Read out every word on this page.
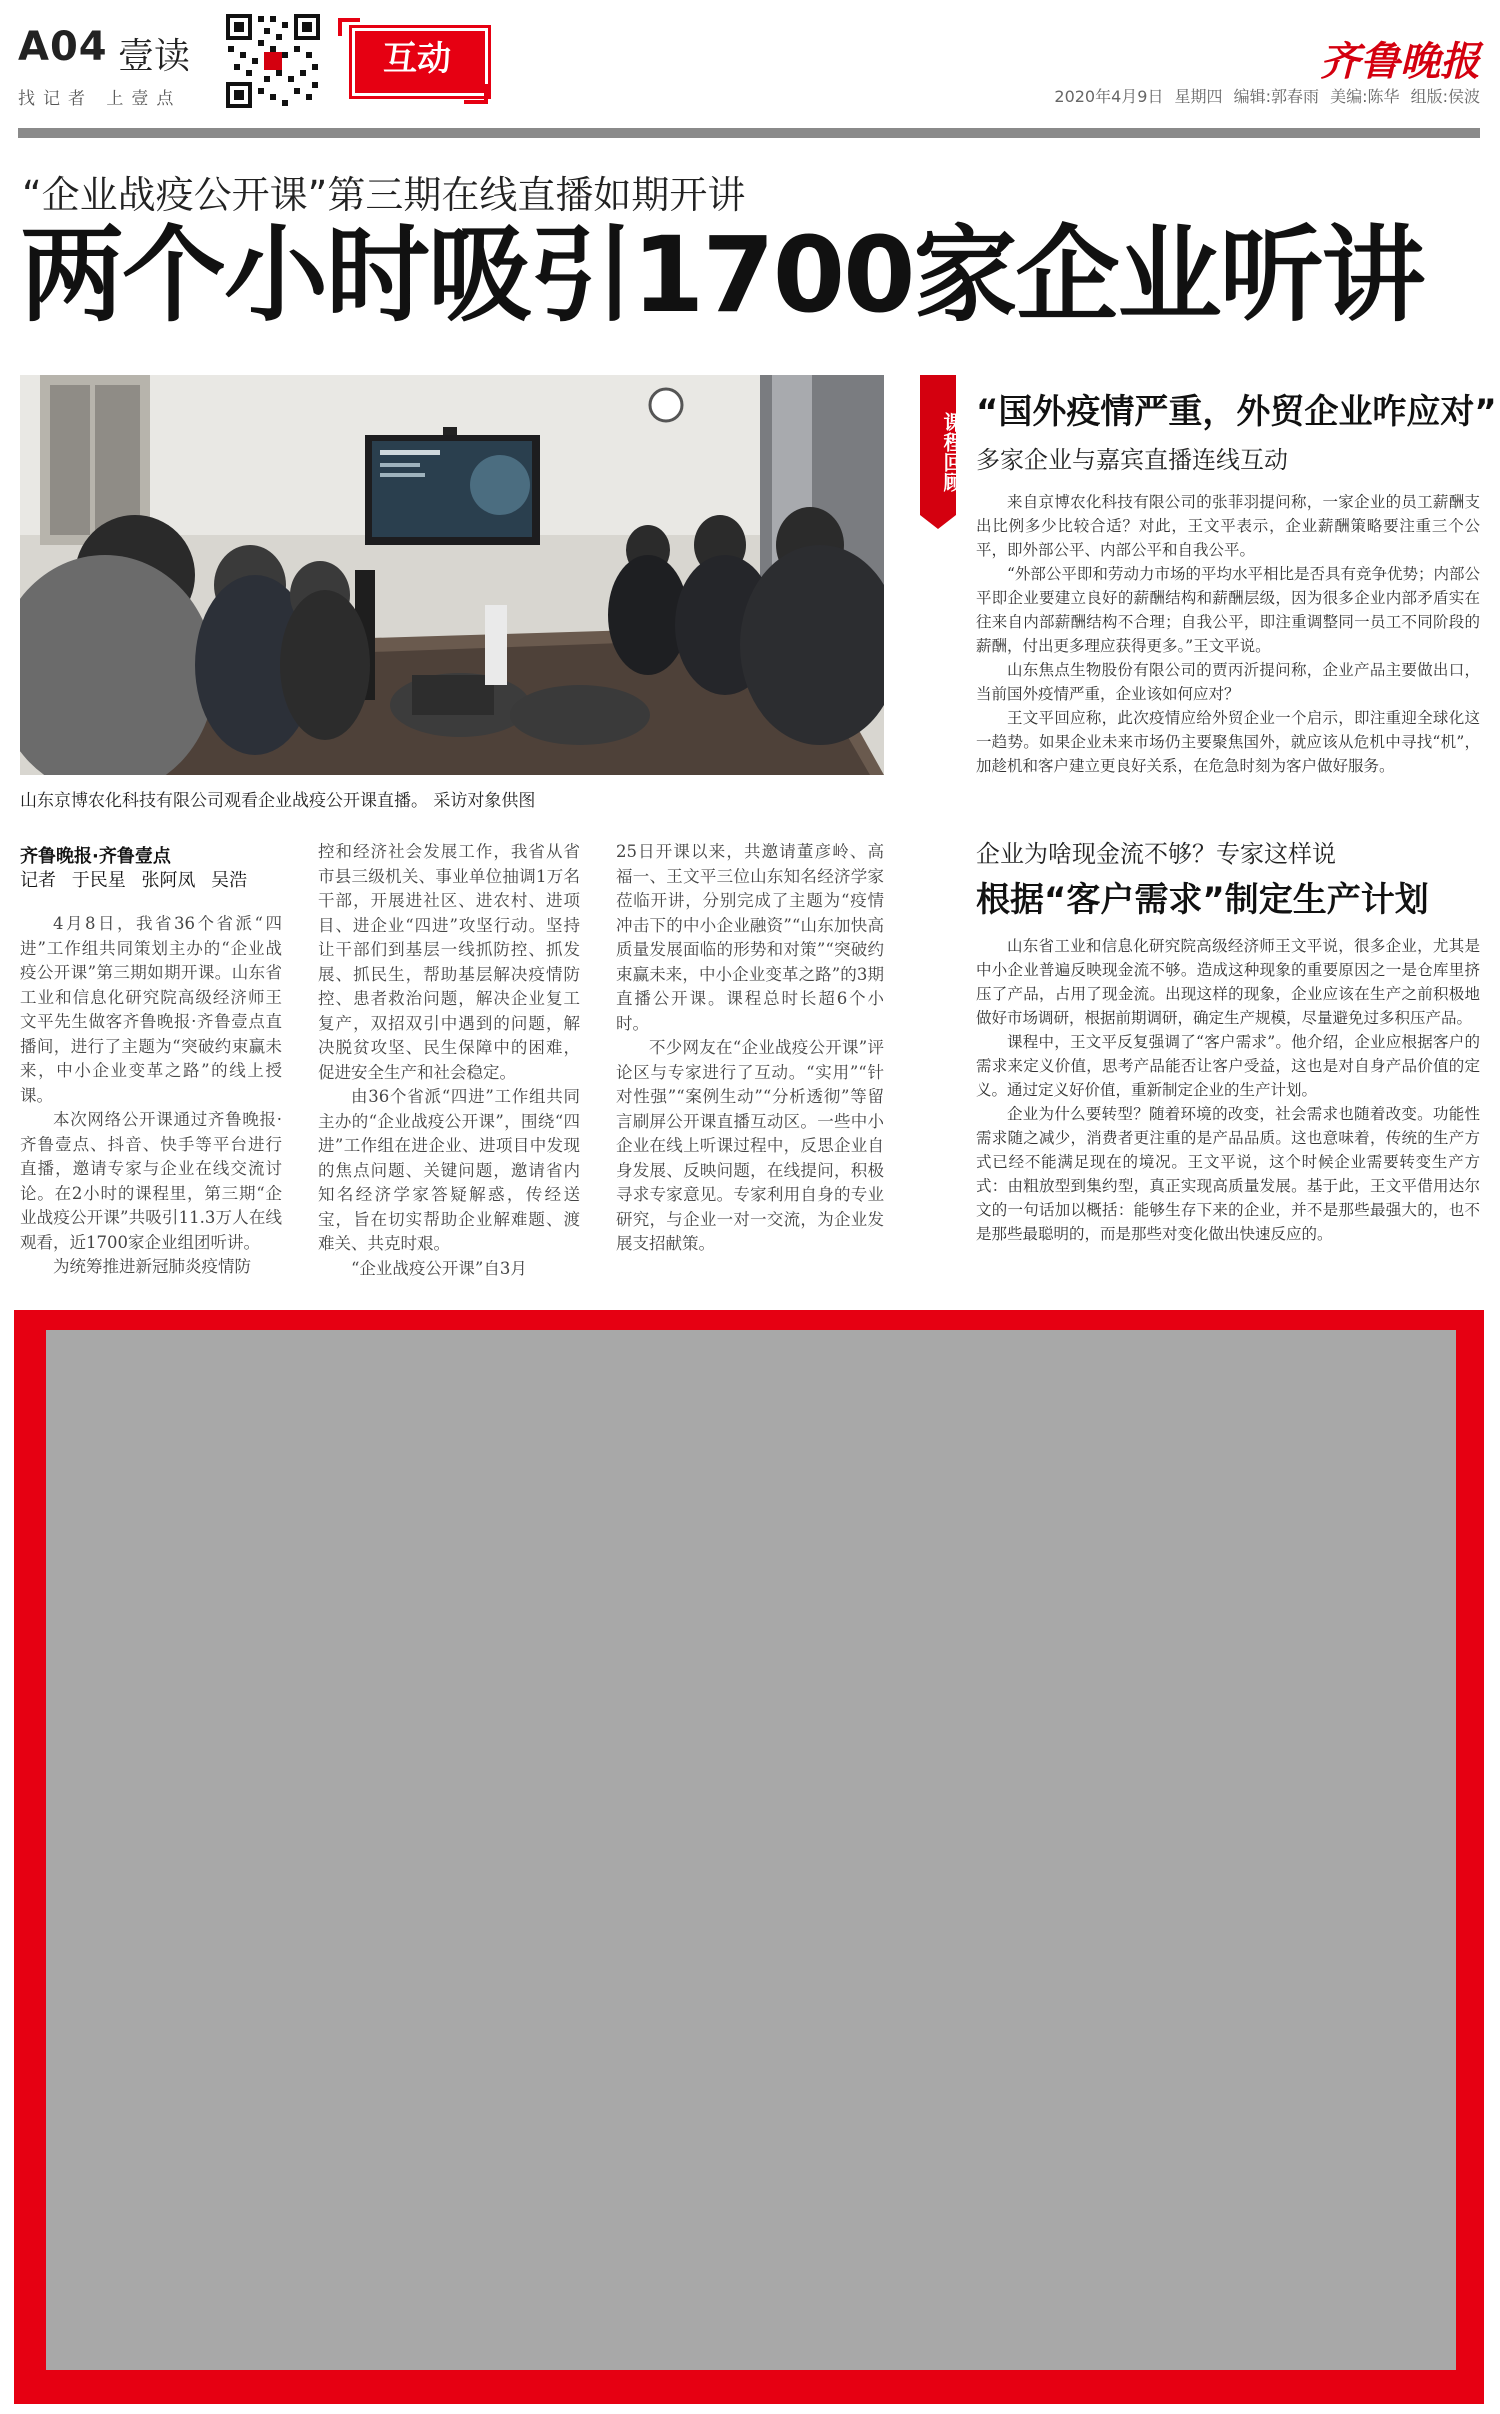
A04 壹读
找记者 上壹点
互动	齐鲁晚报
2020年4月9日 星期四 编辑:郭春雨 美编:陈华 组版:侯波
“企业战疫公开课”第三期在线直播如期开讲
两个小时吸引1700家企业听讲
山东京博农化科技有限公司观看企业战疫公开课直播。 采访对象供图
课程回顾 “国外疫情严重，外贸企业咋应对”
多家企业与嘉宾直播连线互动

来自京博农化科技有限公司的张菲羽提问称，一家企业的员工薪酬支出比例多少比较合适？对此，王文平表示，企业薪酬策略要注重三个公平，即外部公平、内部公平和自我公平。

“外部公平即和劳动力市场的平均水平相比是否具有竞争优势；内部公平即企业要建立良好的薪酬结构和薪酬层级，因为很多企业内部矛盾实在往来自内部薪酬结构不合理；自我公平，即注重调整同一员工不同阶段的薪酬，付出更多理应获得更多。”王文平说。

山东焦点生物股份有限公司的贾丙沂提问称，企业产品主要做出口，当前国外疫情严重，企业该如何应对？

王文平回应称，此次疫情应给外贸企业一个启示，即注重迎全球化这一趋势。如果企业未来市场仍主要聚焦国外，就应该从危机中寻找“机”，加趁机和客户建立更良好关系，在危急时刻为客户做好服务。

企业为啥现金流不够？专家这样说
根据“客户需求”制定生产计划

山东省工业和信息化研究院高级经济师王文平说，很多企业，尤其是中小企业普遍反映现金流不够。造成这种现象的重要原因之一是仓库里挤压了产品，占用了现金流。出现这样的现象，企业应该在生产之前积极地做好市场调研，根据前期调研，确定生产规模，尽量避免过多积压产品。

课程中，王文平反复强调了“客户需求”。他介绍，企业应根据客户的需求来定义价值，思考产品能否让客户受益，这也是对自身产品价值的定义。通过定义好价值，重新制定企业的生产计划。

企业为什么要转型？随着环境的改变，社会需求也随着改变。功能性需求随之减少，消费者更注重的是产品品质。这也意味着，传统的生产方式已经不能满足现在的境况。王文平说，这个时候企业需要转变生产方式：由粗放型到集约型，真正实现高质量发展。基于此，王文平借用达尔文的一句话加以概括：能够生存下来的企业，并不是那些最强大的，也不是那些最聪明的，而是那些对变化做出快速反应的。

齐鲁晚报·齐鲁壹点
记者 于民星 张阿凤 吴浩

4月8日，我省36个省派“四进”工作组共同策划主办的“企业战疫公开课”第三期如期开课。山东省工业和信息化研究院高级经济师王文平先生做客齐鲁晚报·齐鲁壹点直播间，进行了主题为“突破约束赢未来，中小企业变革之路”的线上授课。

本次网络公开课通过齐鲁晚报·齐鲁壹点、抖音、快手等平台进行直播，邀请专家与企业在线交流讨论。在2小时的课程里，第三期“企业战疫公开课”共吸引11.3万人在线观看，近1700家企业组团听讲。

为统筹推进新冠肺炎疫情防

控和经济社会发展工作，我省从省市县三级机关、事业单位抽调1万名干部，开展进社区、进农村、进项目、进企业“四进”攻坚行动。坚持让干部们到基层一线抓防控、抓发展、抓民生，帮助基层解决疫情防控、患者救治问题，解决企业复工复产，双招双引中遇到的问题，解决脱贫攻坚、民生保障中的困难，促进安全生产和社会稳定。

由36个省派“四进”工作组共同主办的“企业战疫公开课”，围绕“四进”工作组在进企业、进项目中发现的焦点问题、关键问题，邀请省内知名经济学家答疑解惑，传经送宝，旨在切实帮助企业解难题、渡难关、共克时艰。

“企业战疫公开课”自3月

25日开课以来，共邀请董彦岭、高福一、王文平三位山东知名经济学家莅临开讲，分别完成了主题为“疫情冲击下的中小企业融资”“山东加快高质量发展面临的形势和对策”“突破约束赢未来，中小企业变革之路”的3期直播公开课。课程总时长超6个小时。

不少网友在“企业战疫公开课”评论区与专家进行了互动。“实用”“针对性强”“案例生动”“分析透彻”等留言刷屏公开课直播互动区。一些中小企业在线上听课过程中，反思企业自身发展、反映问题，在线提问，积极寻求专家意见。专家利用自身的专业研究，与企业一对一交流，为企业发展支招献策。
